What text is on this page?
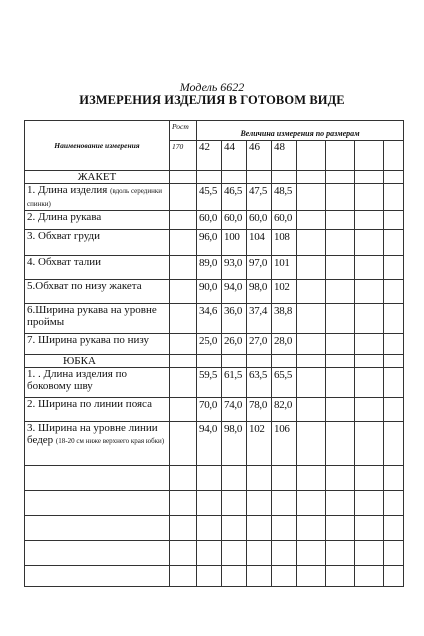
Модель 6622
ИЗМЕРЕНИЯ ИЗДЕЛИЯ В ГОТОВОМ ВИДЕ
Наименование измерения	Рост	Величина измерения по размерам							
	170	42	44	46	48				
ЖАКЕТ									
1. Длина изделия (вдоль серединки спинки)		45,5	46,5	47,5	48,5				
2. Длина рукава		60,0	60,0	60,0	60,0				
3. Обхват груди		96,0	100	104	108				
4. Обхват талии		89,0	93,0	97,0	101				
5.Обхват по низу жакета		90,0	94,0	98,0	102				
6.Ширина рукава на уровне проймы		34,6	36,0	37,4	38,8				
7. Ширина рукава по низу		25,0	26,0	27,0	28,0				
ЮБКА									
1. . Длина изделия по боковому шву		59,5	61,5	63,5	65,5				
2. Ширина по линии пояса		70,0	74,0	78,0	82,0				
3. Ширина на уровне линии бедер (18-20 см ниже верхнего края юбки)		94,0	98,0	102	106				
